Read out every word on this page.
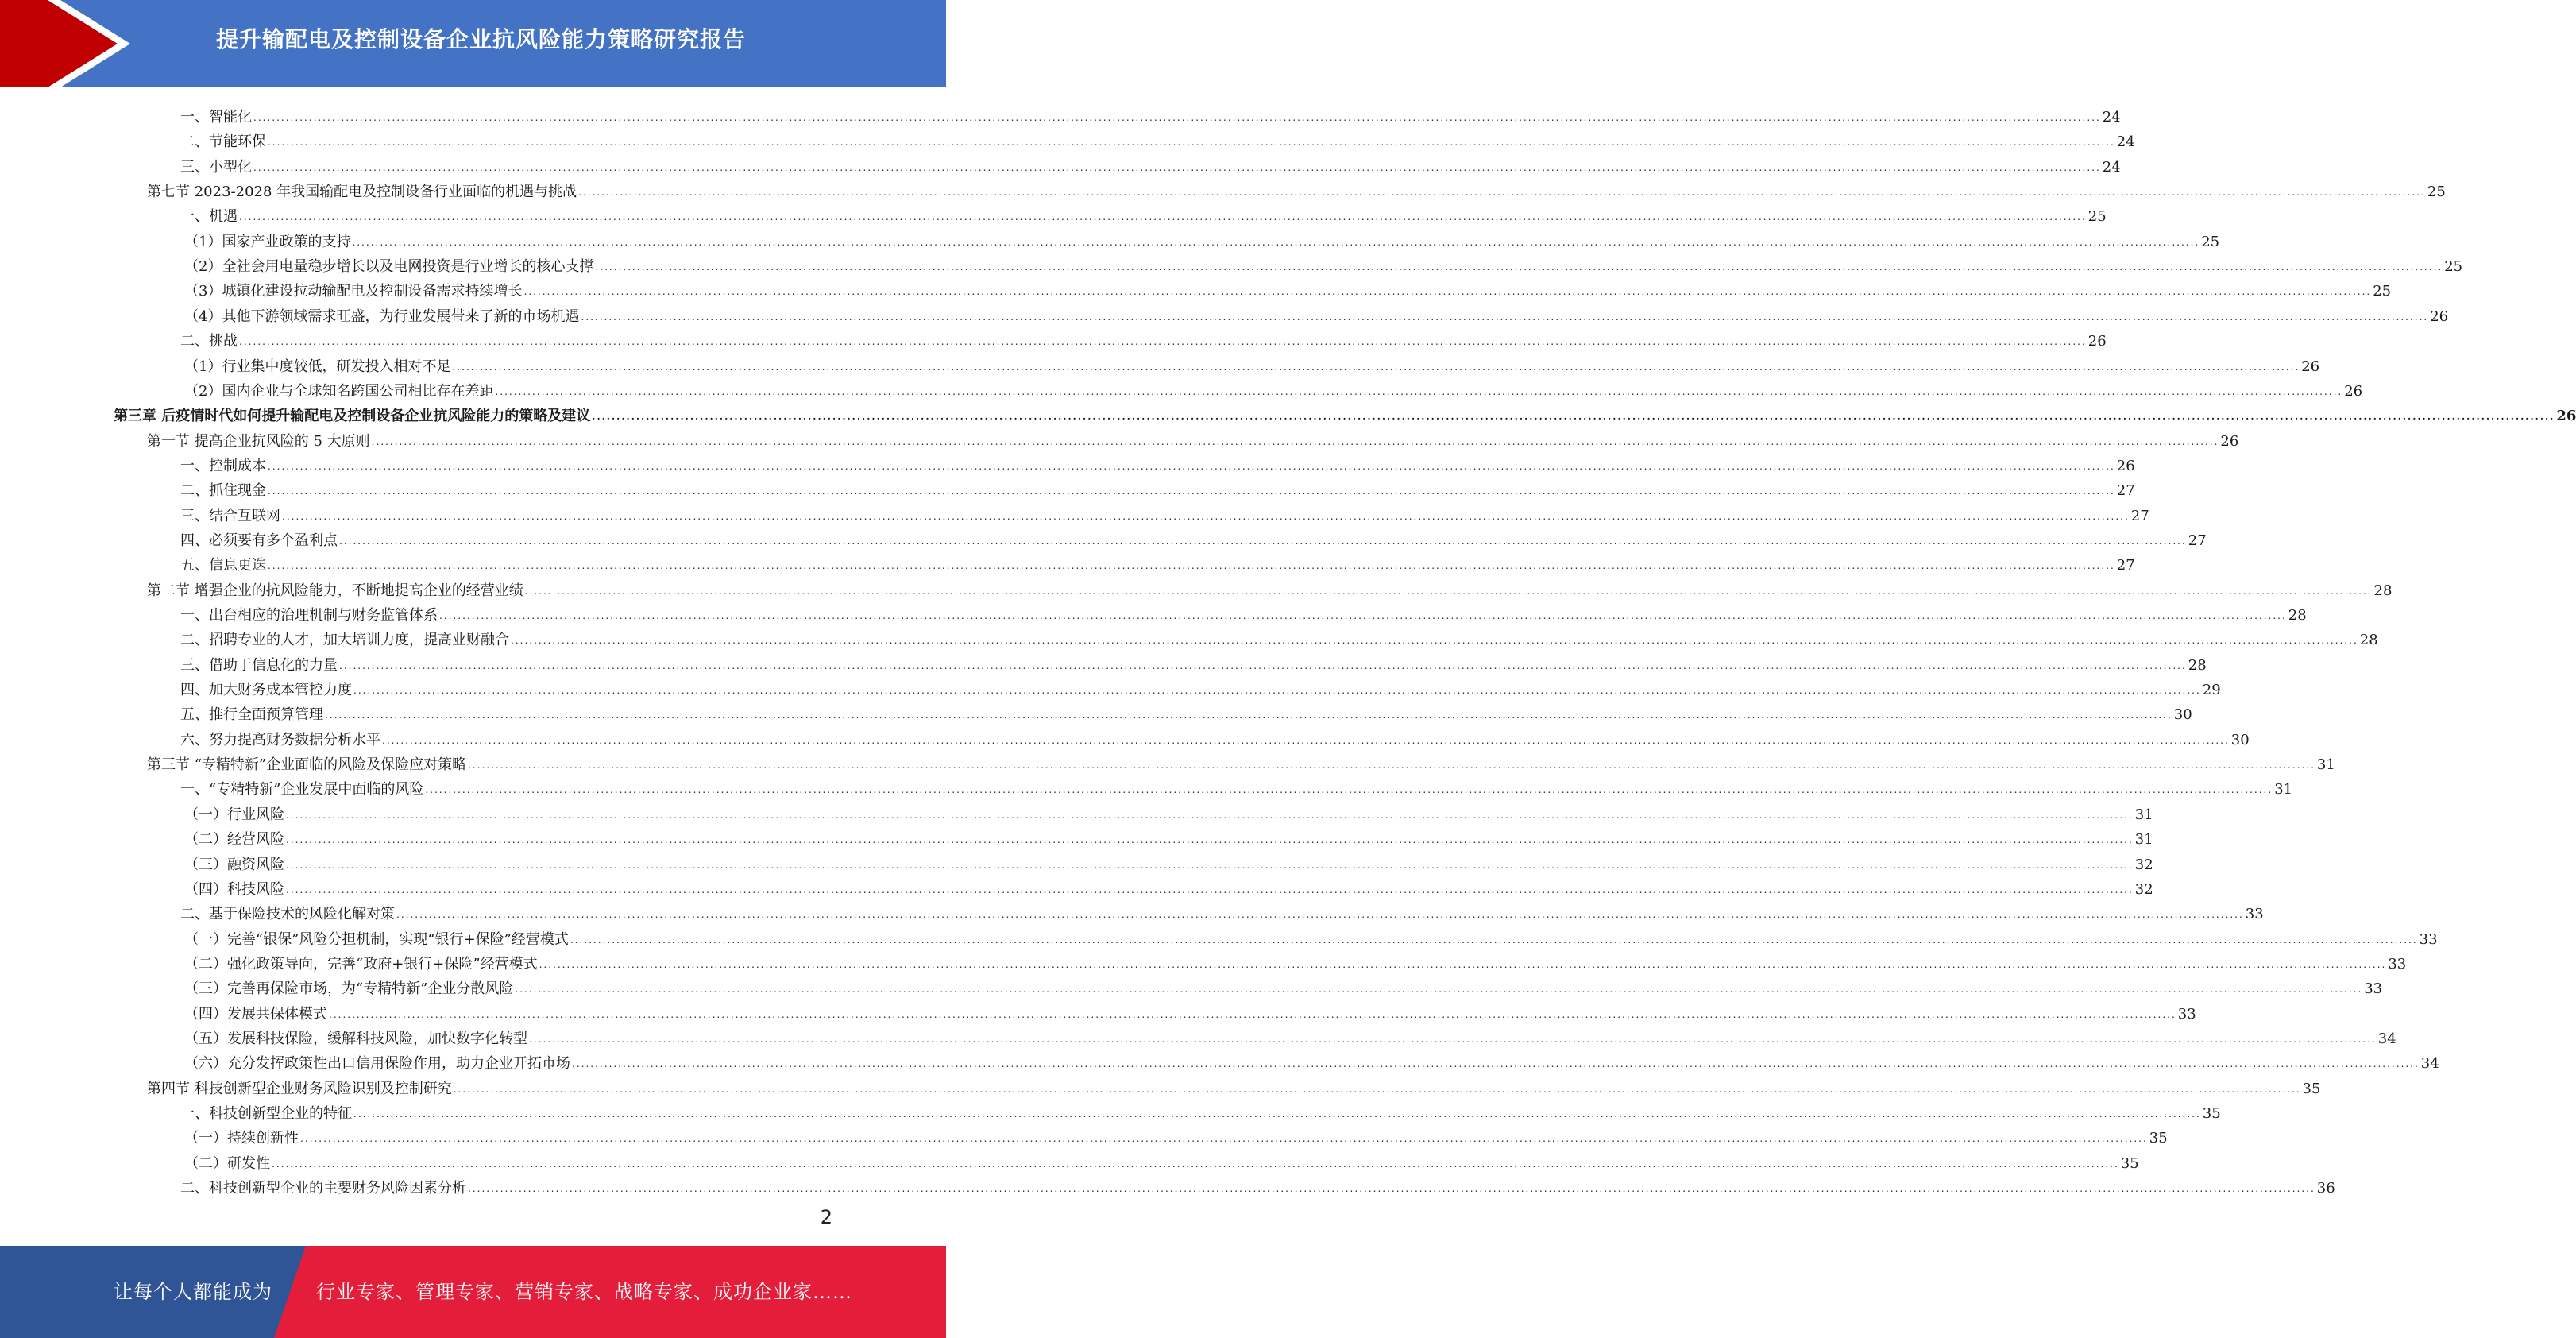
提升输配电及控制设备企业抗风险能力策略研究报告
一、智能化 ................................................................................................................................................................................................................................................................................................................................................................................................................ 24
二、节能环保 ................................................................................................................................................................................................................................................................................................................................................................................................................ 24
三、小型化 ................................................................................................................................................................................................................................................................................................................................................................................................................ 24
第七节 2023-2028 年我国输配电及控制设备行业面临的机遇与挑战 ................................................................................................................................................................................................................................................................................................................................................................................................................ 25
一、机遇 ................................................................................................................................................................................................................................................................................................................................................................................................................ 25
（1）国家产业政策的支持 ................................................................................................................................................................................................................................................................................................................................................................................................................ 25
（2）全社会用电量稳步增长以及电网投资是行业增长的核心支撑 ................................................................................................................................................................................................................................................................................................................................................................................................................ 25
（3）城镇化建设拉动输配电及控制设备需求持续增长 ................................................................................................................................................................................................................................................................................................................................................................................................................ 25
（4）其他下游领域需求旺盛，为行业发展带来了新的市场机遇 ................................................................................................................................................................................................................................................................................................................................................................................................................ 26
二、挑战 ................................................................................................................................................................................................................................................................................................................................................................................................................ 26
（1）行业集中度较低，研发投入相对不足 ................................................................................................................................................................................................................................................................................................................................................................................................................ 26
（2）国内企业与全球知名跨国公司相比存在差距 ................................................................................................................................................................................................................................................................................................................................................................................................................ 26
第三章 后疫情时代如何提升输配电及控制设备企业抗风险能力的策略及建议 ................................................................................................................................................................................................................................................................................................................................................................................................................ 26
第一节 提高企业抗风险的 5 大原则 ................................................................................................................................................................................................................................................................................................................................................................................................................ 26
一、控制成本 ................................................................................................................................................................................................................................................................................................................................................................................................................ 26
二、抓住现金 ................................................................................................................................................................................................................................................................................................................................................................................................................ 27
三、结合互联网 ................................................................................................................................................................................................................................................................................................................................................................................................................ 27
四、必须要有多个盈利点 ................................................................................................................................................................................................................................................................................................................................................................................................................ 27
五、信息更迭 ................................................................................................................................................................................................................................................................................................................................................................................................................ 27
第二节 增强企业的抗风险能力，不断地提高企业的经营业绩 ................................................................................................................................................................................................................................................................................................................................................................................................................ 28
一、出台相应的治理机制与财务监管体系 ................................................................................................................................................................................................................................................................................................................................................................................................................ 28
二、招聘专业的人才，加大培训力度，提高业财融合 ................................................................................................................................................................................................................................................................................................................................................................................................................ 28
三、借助于信息化的力量 ................................................................................................................................................................................................................................................................................................................................................................................................................ 28
四、加大财务成本管控力度 ................................................................................................................................................................................................................................................................................................................................................................................................................ 29
五、推行全面预算管理 ................................................................................................................................................................................................................................................................................................................................................................................................................ 30
六、努力提高财务数据分析水平 ................................................................................................................................................................................................................................................................................................................................................................................................................ 30
第三节 “专精特新”企业面临的风险及保险应对策略 ................................................................................................................................................................................................................................................................................................................................................................................................................ 31
一、“专精特新”企业发展中面临的风险 ................................................................................................................................................................................................................................................................................................................................................................................................................ 31
（一）行业风险 ................................................................................................................................................................................................................................................................................................................................................................................................................ 31
（二）经营风险 ................................................................................................................................................................................................................................................................................................................................................................................................................ 31
（三）融资风险 ................................................................................................................................................................................................................................................................................................................................................................................................................ 32
（四）科技风险 ................................................................................................................................................................................................................................................................................................................................................................................................................ 32
二、基于保险技术的风险化解对策 ................................................................................................................................................................................................................................................................................................................................................................................................................ 33
（一）完善“银保”风险分担机制，实现“银行+保险”经营模式 ................................................................................................................................................................................................................................................................................................................................................................................................................ 33
（二）强化政策导向，完善“政府+银行+保险”经营模式 ................................................................................................................................................................................................................................................................................................................................................................................................................ 33
（三）完善再保险市场，为“专精特新”企业分散风险 ................................................................................................................................................................................................................................................................................................................................................................................................................ 33
（四）发展共保体模式 ................................................................................................................................................................................................................................................................................................................................................................................................................ 33
（五）发展科技保险，缓解科技风险，加快数字化转型 ................................................................................................................................................................................................................................................................................................................................................................................................................ 34
（六）充分发挥政策性出口信用保险作用，助力企业开拓市场 ................................................................................................................................................................................................................................................................................................................................................................................................................ 34
第四节 科技创新型企业财务风险识别及控制研究 ................................................................................................................................................................................................................................................................................................................................................................................................................ 35
一、科技创新型企业的特征 ................................................................................................................................................................................................................................................................................................................................................................................................................ 35
（一）持续创新性 ................................................................................................................................................................................................................................................................................................................................................................................................................ 35
（二）研发性 ................................................................................................................................................................................................................................................................................................................................................................................................................ 35
二、科技创新型企业的主要财务风险因素分析 ................................................................................................................................................................................................................................................................................................................................................................................................................ 36
2
让每个人都能成为 行业专家、管理专家、营销专家、战略专家、成功企业家……
